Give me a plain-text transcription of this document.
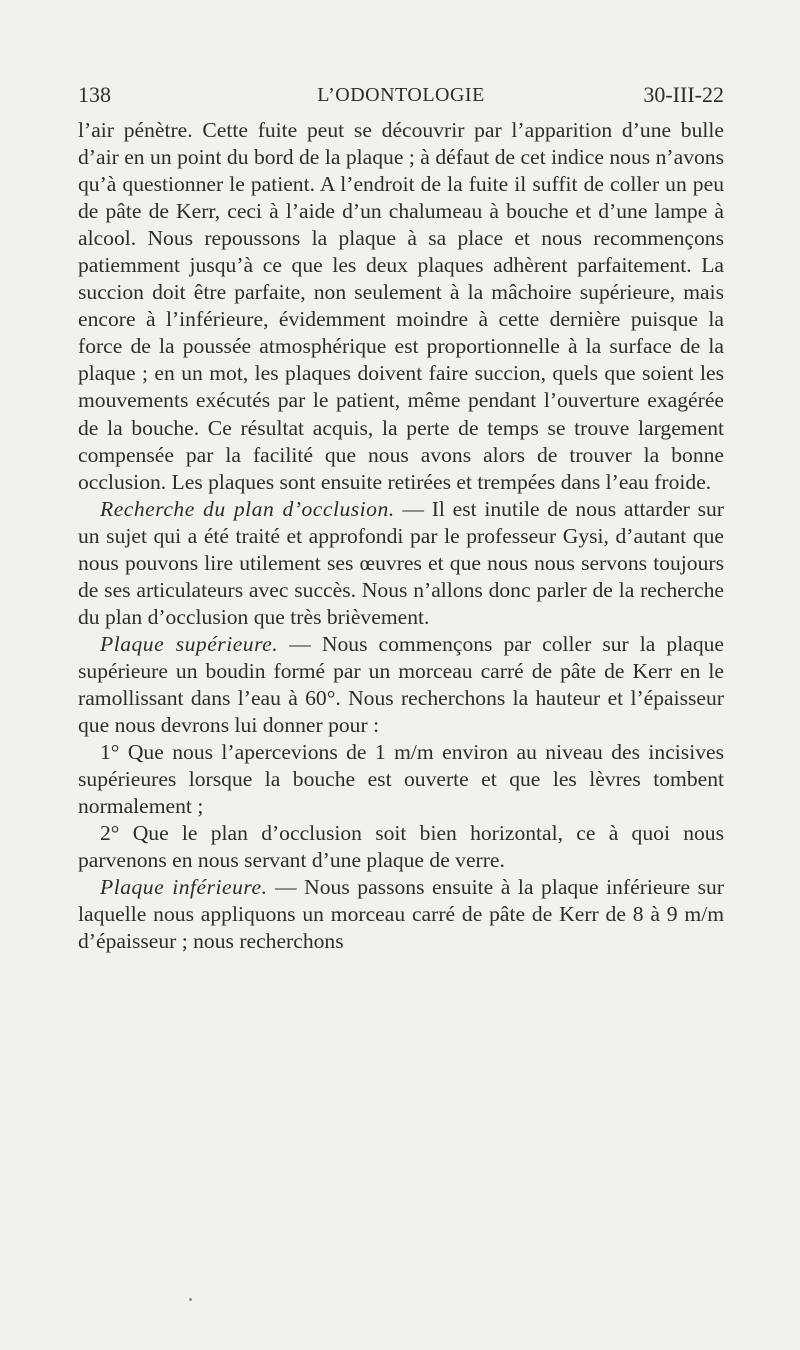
138	L’ODONTOLOGIE	30-III-22

l’air pénètre. Cette fuite peut se découvrir par l’apparition d’une bulle d’air en un point du bord de la plaque ; à défaut de cet indice nous n’avons qu’à questionner le patient. A l’endroit de la fuite il suffit de coller un peu de pâte de Kerr, ceci à l’aide d’un chalumeau à bouche et d’une lampe à alcool. Nous repoussons la plaque à sa place et nous recommençons patiemment jusqu’à ce que les deux plaques adhèrent parfaitement. La succion doit être parfaite, non seulement à la mâchoire supérieure, mais encore à l’inférieure, évidemment moindre à cette dernière puisque la force de la poussée atmosphérique est proportionnelle à la surface de la plaque ; en un mot, les plaques doivent faire succion, quels que soient les mouvements exécutés par le patient, même pendant l’ouverture exagérée de la bouche. Ce résultat acquis, la perte de temps se trouve largement compensée par la facilité que nous avons alors de trouver la bonne occlusion. Les plaques sont ensuite retirées et trempées dans l’eau froide.

Recherche du plan d’occlusion. — Il est inutile de nous attarder sur un sujet qui a été traité et approfondi par le professeur Gysi, d’autant que nous pouvons lire utilement ses œuvres et que nous nous servons toujours de ses articulateurs avec succès. Nous n’allons donc parler de la recherche du plan d’occlusion que très brièvement.

Plaque supérieure. — Nous commençons par coller sur la plaque supérieure un boudin formé par un morceau carré de pâte de Kerr en le ramollissant dans l’eau à 60°. Nous recherchons la hauteur et l’épaisseur que nous devrons lui donner pour :

1° Que nous l’apercevions de 1 m/m environ au niveau des incisives supérieures lorsque la bouche est ouverte et que les lèvres tombent normalement ;

2° Que le plan d’occlusion soit bien horizontal, ce à quoi nous parvenons en nous servant d’une plaque de verre.

Plaque inférieure. — Nous passons ensuite à la plaque inférieure sur laquelle nous appliquons un morceau carré de pâte de Kerr de 8 à 9 m/m d’épaisseur ; nous recherchons
